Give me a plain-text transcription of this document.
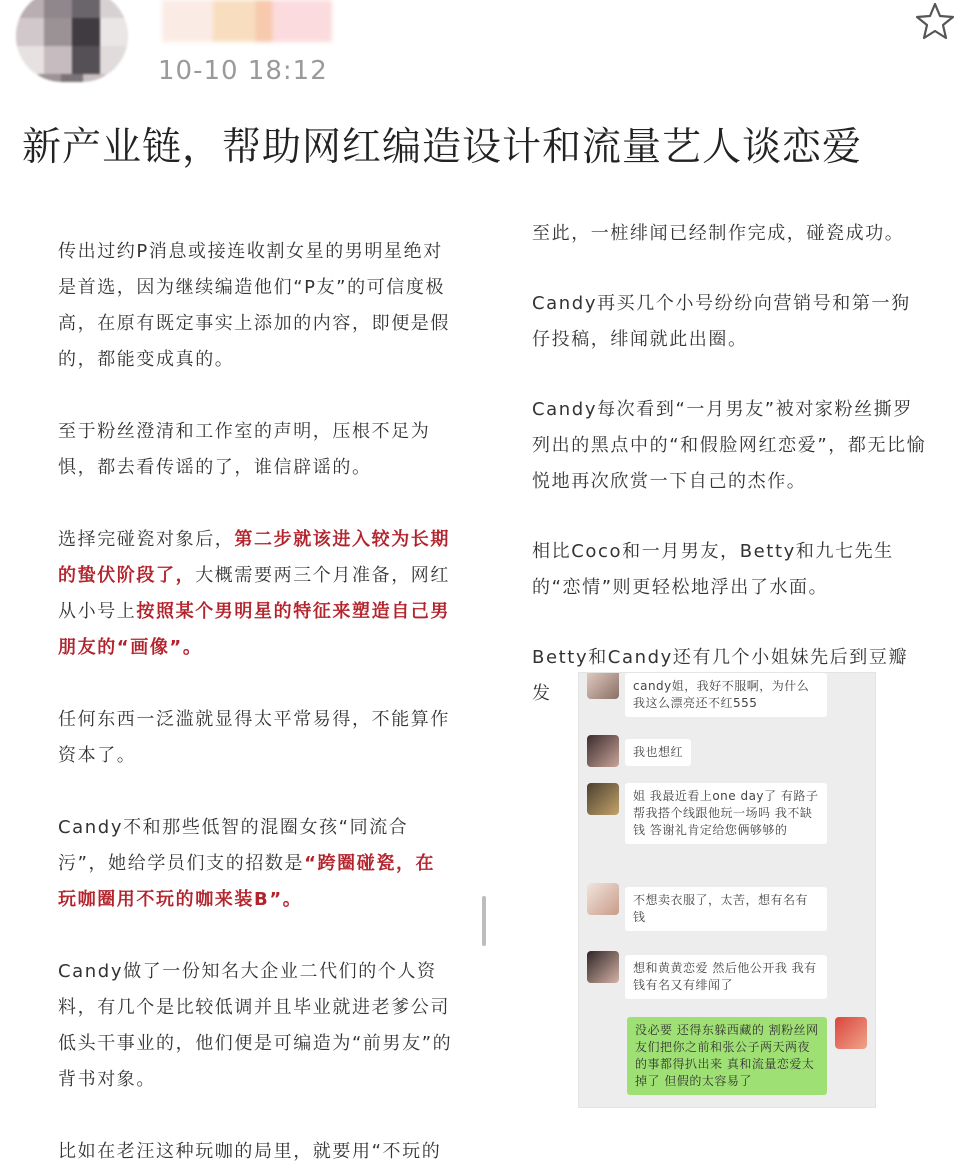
10-10 18:12
新产业链，帮助网红编造设计和流量艺人谈恋爱

传出过约P消息或接连收割女星的男明星绝对是首选，因为继续编造他们“P友”的可信度极高，在原有既定事实上添加的内容，即便是假的，都能变成真的。

至于粉丝澄清和工作室的声明，压根不足为惧，都去看传谣的了，谁信辟谣的。

选择完碰瓷对象后，第二步就该进入较为长期的蛰伏阶段了，大概需要两三个月准备，网红从小号上按照某个男明星的特征来塑造自己男朋友的“画像”。

任何东西一泛滥就显得太平常易得，不能算作资本了。

Candy不和那些低智的混圈女孩“同流合污”，她给学员们支的招数是“跨圈碰瓷，在玩咖圈用不玩的咖来装B”。

Candy做了一份知名大企业二代们的个人资料，有几个是比较低调并且毕业就进老爹公司低头干事业的，他们便是可编造为“前男友”的背书对象。

比如在老汪这种玩咖的局里，就要用“不玩的

至此，一桩绯闻已经制作完成，碰瓷成功。

Candy再买几个小号纷纷向营销号和第一狗仔投稿，绯闻就此出圈。

Candy每次看到“一月男友”被对家粉丝撕罗列出的黑点中的“和假脸网红恋爱”，都无比愉悦地再次欣赏一下自己的杰作。

相比Coco和一月男友，Betty和九七先生的“恋情”则更轻松地浮出了水面。

Betty和Candy还有几个小姐妹先后到豆瓣发	candy姐，我好不服啊，为什么我这么漂亮还不红555
我也想红
姐 我最近看上one day了 有路子帮我搭个线跟他玩一场吗 我不缺钱 答谢礼肯定给您俩够够的
不想卖衣服了，太苦，想有名有钱
想和黄黄恋爱 然后他公开我 我有钱有名又有绯闻了
没必要 还得东躲西藏的 割粉丝网友们把你之前和张公子两天两夜的事都得扒出来 真和流量恋爱太掉了 但假的太容易了
